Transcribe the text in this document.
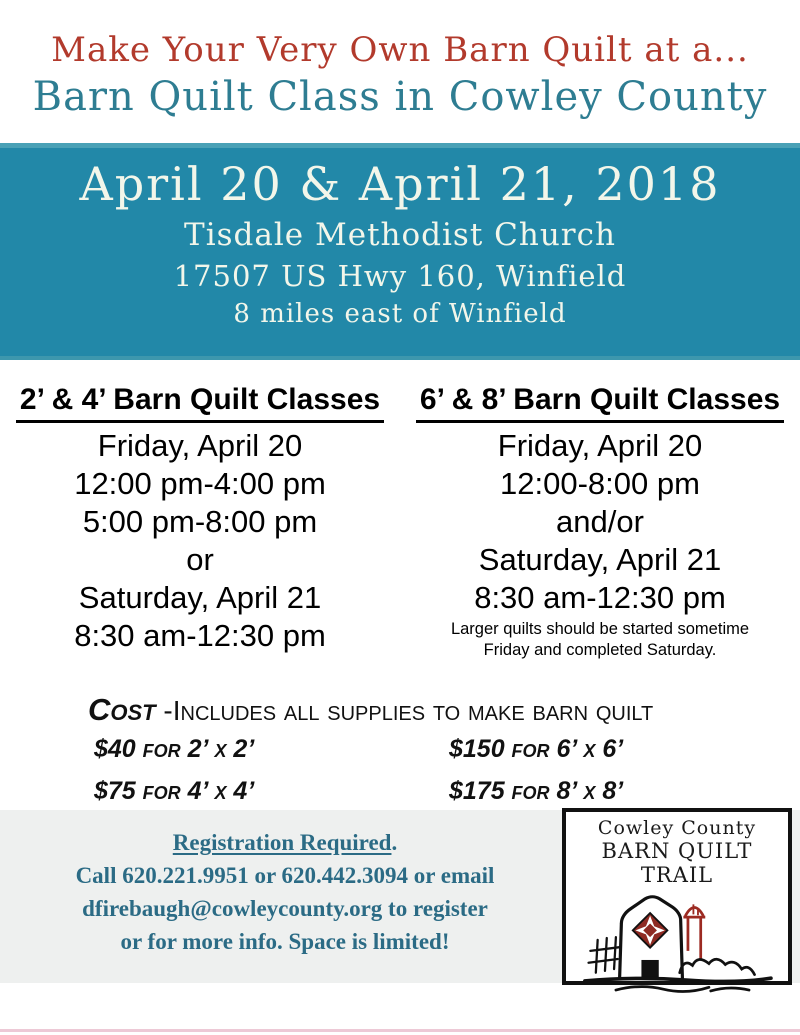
Make Your Very Own Barn Quilt at a...
Barn Quilt Class in Cowley County
April 20 & April 21, 2018
Tisdale Methodist Church
17507 US Hwy 160, Winfield
8 miles east of Winfield
2’ & 4’ Barn Quilt Classes
Friday, April 20
12:00 pm-4:00 pm
5:00 pm-8:00 pm
or
Saturday, April 21
8:30 am-12:30 pm
6’ & 8’ Barn Quilt Classes
Friday, April 20
12:00-8:00 pm
and/or
Saturday, April 21
8:30 am-12:30 pm
Larger quilts should be started sometime
Friday and completed Saturday.
Cost -Includes all supplies to make barn quilt
$40 for 2’ x 2’	$150 for 6’ x 6’
$75 for 4’ x 4’	$175 for 8’ x 8’
Registration Required.
Call 620.221.9951 or 620.442.3094 or email
dfirebaugh@cowleycounty.org to register
or for more info. Space is limited!
Cowley County
BARN QUILT TRAIL
